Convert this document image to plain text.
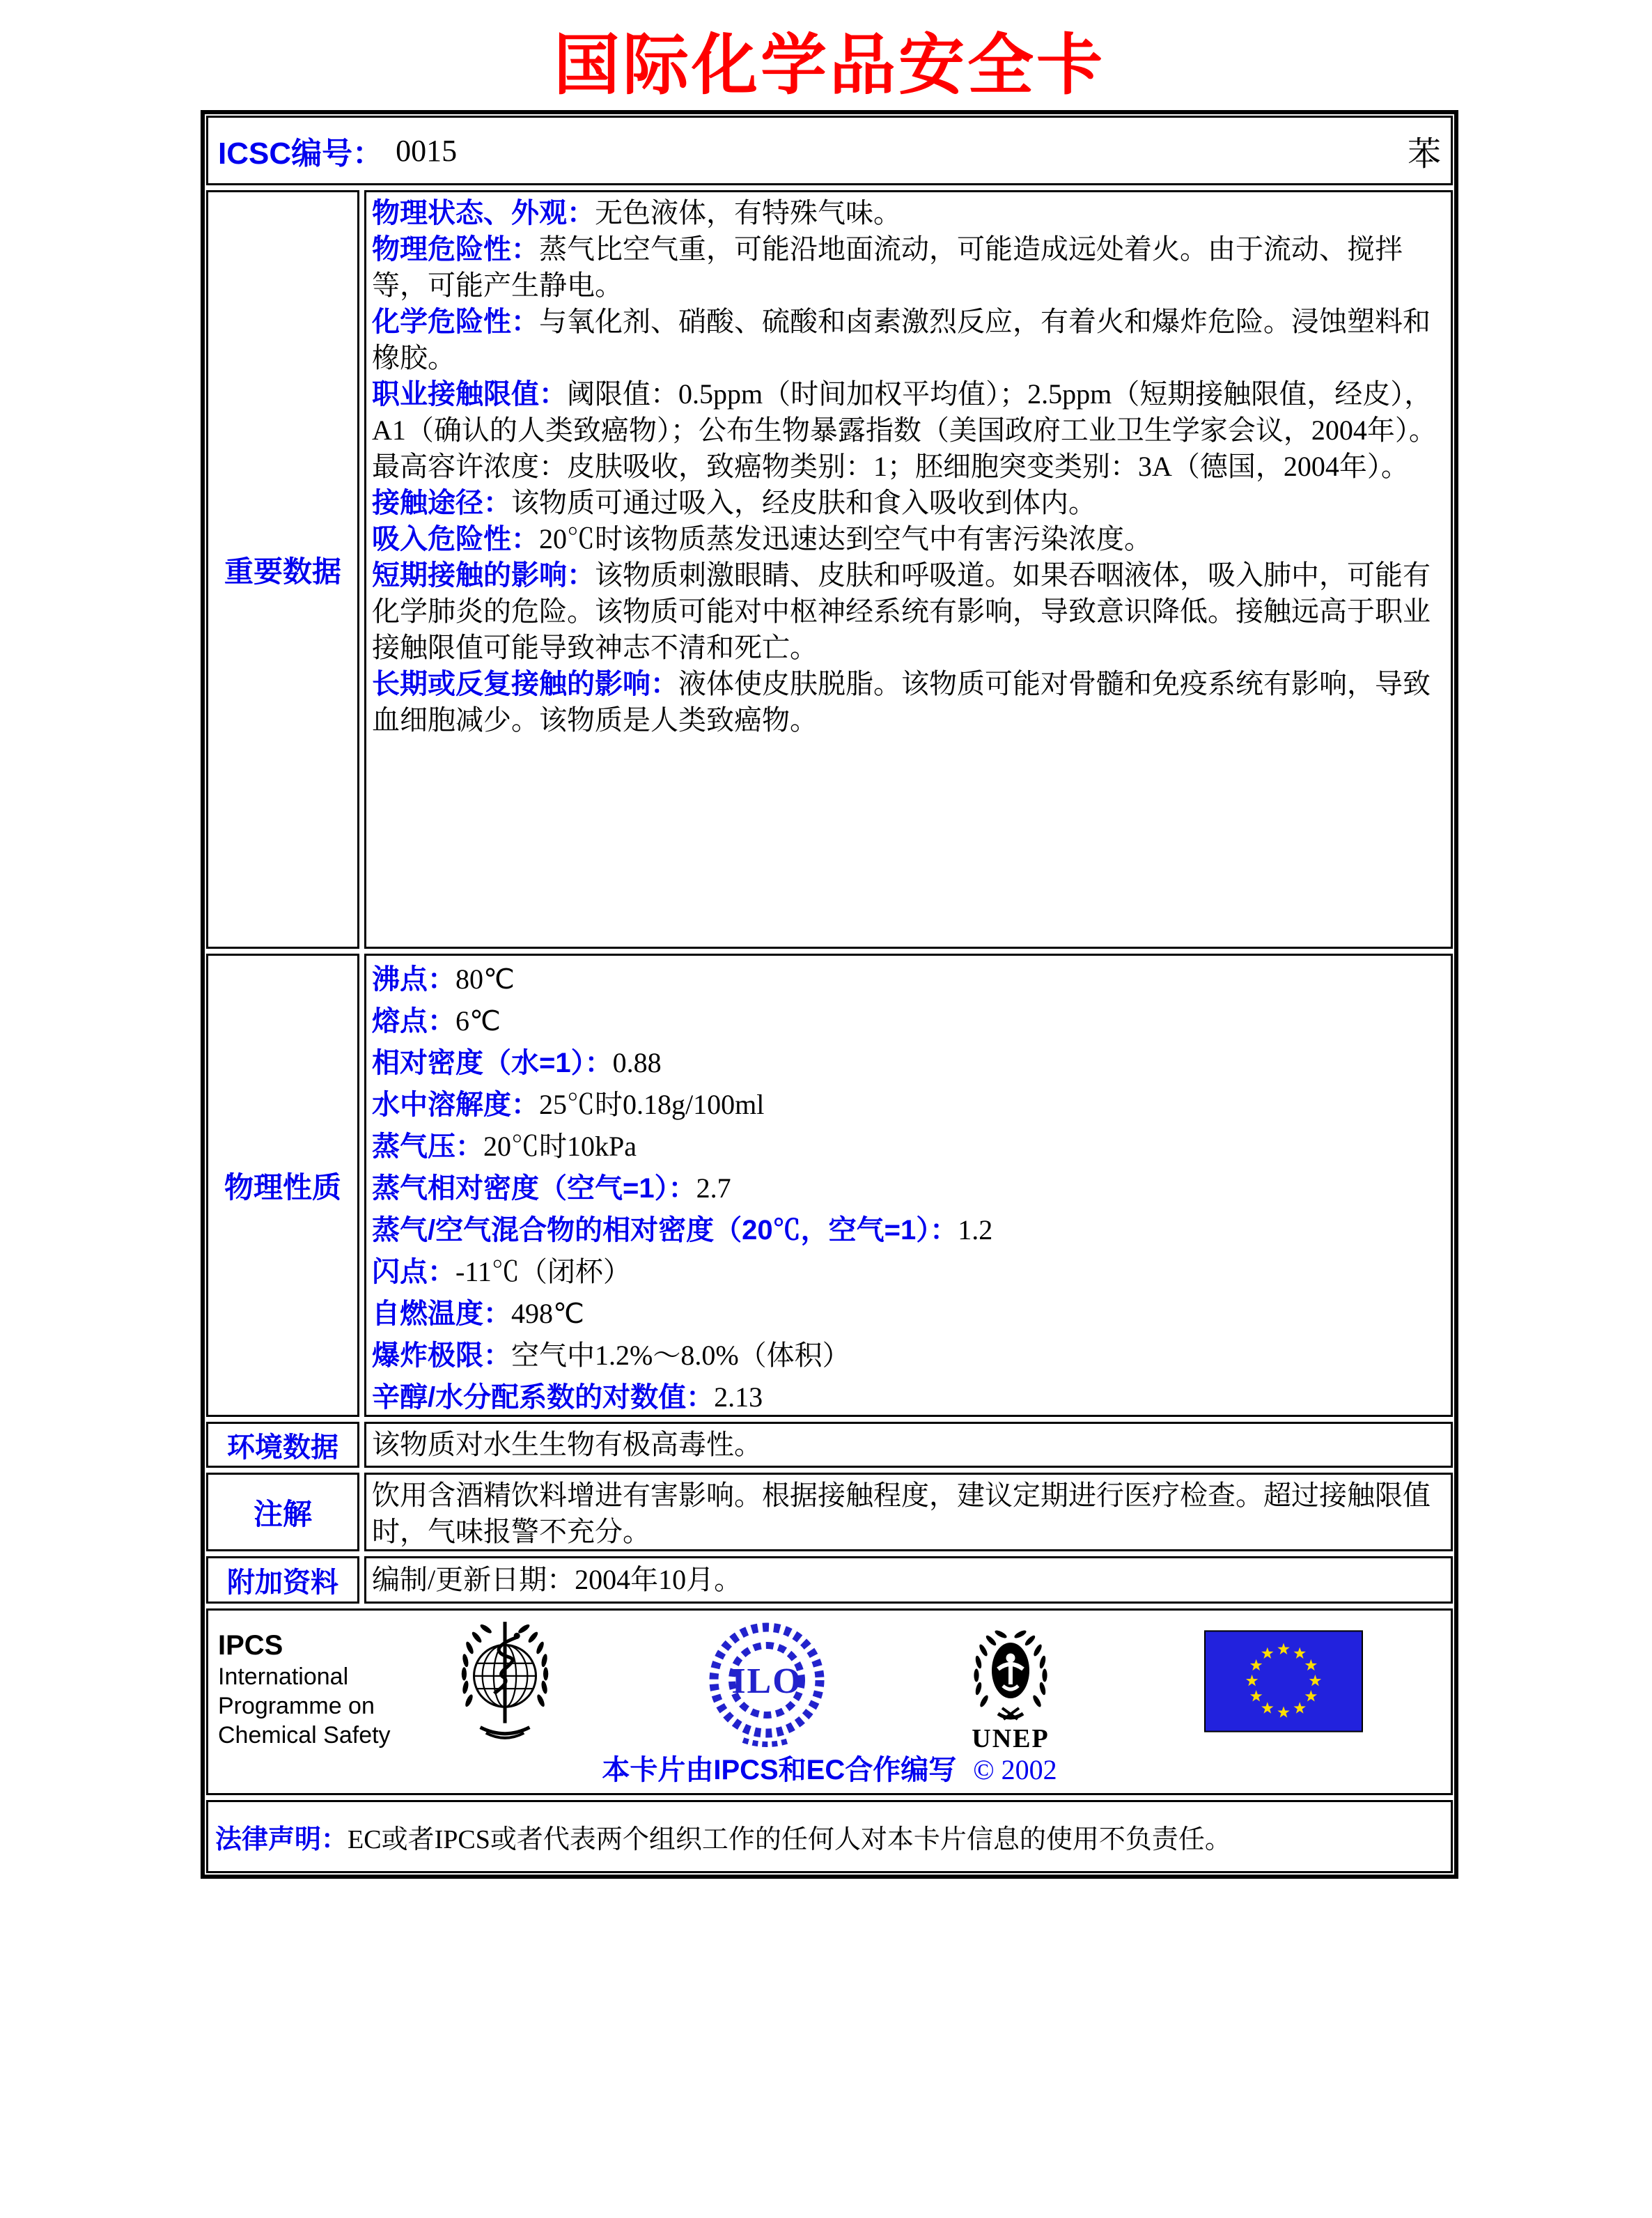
国际化学品安全卡
ICSC编号： 0015	苯
重要数据

物理状态、外观：无色液体，有特殊气味。

物理危险性：蒸气比空气重，可能沿地面流动，可能造成远处着火。由于流动、搅拌等，可能产生静电。

化学危险性：与氧化剂、硝酸、硫酸和卤素激烈反应，有着火和爆炸危险。浸蚀塑料和橡胶。

职业接触限值：阈限值：0.5ppm（时间加权平均值）；2.5ppm（短期接触限值，经皮），A1（确认的人类致癌物）；公布生物暴露指数（美国政府工业卫生学家会议，2004年）。最高容许浓度：皮肤吸收，致癌物类别：1；胚细胞突变类别：3A（德国，2004年）。

接触途径：该物质可通过吸入，经皮肤和食入吸收到体内。

吸入危险性：20℃时该物质蒸发迅速达到空气中有害污染浓度。

短期接触的影响：该物质刺激眼睛、皮肤和呼吸道。如果吞咽液体，吸入肺中，可能有化学肺炎的危险。该物质可能对中枢神经系统有影响，导致意识降低。接触远高于职业接触限值可能导致神志不清和死亡。

长期或反复接触的影响：液体使皮肤脱脂。该物质可能对骨髓和免疫系统有影响，导致血细胞减少。该物质是人类致癌物。

物理性质

沸点：80℃

熔点：6℃

相对密度（水=1）：0.88

水中溶解度：25℃时0.18g/100ml

蒸气压：20℃时10kPa

蒸气相对密度（空气=1）：2.7

蒸气/空气混合物的相对密度（20℃，空气=1）：1.2

闪点：-11℃（闭杯）

自燃温度：498℃

爆炸极限：空气中1.2%～8.0%（体积）

辛醇/水分配系数的对数值：2.13

环境数据 该物质对水生生物有极高毒性。

注解

饮用含酒精饮料增进有害影响。根据接触程度，建议定期进行医疗检查。超过接触限值时，气味报警不充分。

附加资料 编制/更新日期：2004年10月。

IPCS
International
Programme on
Chemical Safety
ILO
UNEP
本卡片由IPCS和EC合作编写 © 2002
法律声明： EC或者IPCS或者代表两个组织工作的任何人对本卡片信息的使用不负责任。
